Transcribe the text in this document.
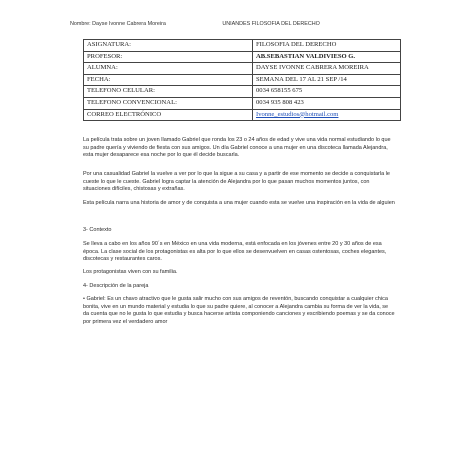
Nombre: Dayse Ivonne Cabrera Moreira	UNIANDES FILOSOFIA DEL DERECHO
ASIGNATURA:	FILOSOFIA DEL DERECHO
PROFESOR:	AB.SEBASTIAN VALDIVIESO G.
ALUMNA:	DAYSE IVONNE CABRERA MOREIRA
FECHA:	SEMANA DEL 17 AL 21 SEP /14
TELEFONO CELULAR:	0034 658155 675
TELEFONO CONVENCIONAL:	0034 935 808 423
CORREO ELECTRÓNICO	Ivonne_estudios@hotmail.com

La película trata sobre un joven llamado Gabriel que ronda los 23 o 24 años de edad y vive una vida normal estudiando lo que su padre quería y viviendo de fiesta con sus amigos. Un día Gabriel conoce a una mujer en una discoteca llamada Alejandra, esta mujer desaparece esa noche por lo que él decide buscarla.

Por una casualidad Gabriel la vuelve a ver por lo que la sigue a su casa y a partir de ese momento se decide a conquistarla le cueste lo que le cueste. Gabriel logra captar la atención de Alejandra por lo que pasan muchos momentos juntos, con situaciones difíciles, chistosas y extrañas.

Esta película narra una historia de amor y de conquista a una mujer cuando esta se vuelve una inspiración en la vida de alguien

3- Contexto

Se lleva a cabo en los años 90´s en México en una vida moderna, está enfocada en los jóvenes entre 20 y 30 años de esa época. La clase social de los protagonistas es alta por lo que ellos se desenvuelven en casas ostentosas, coches elegantes, discotecas y restaurantes caros.

Los protagonistas viven con su familia.

4- Descripción de la pareja

• Gabriel: Es un chavo atractivo que le gusta salir mucho con sus amigos de reventón, buscando conquistar a cualquier chica bonita, vive en un mundo material y estudia lo que su padre quiere, al conocer a Alejandra cambia su forma de ver la vida, se da cuenta que no le gusta lo que estudia y busca hacerse artista componiendo canciones y escribiendo poemas y se da conoce por primera vez el verdadero amor
